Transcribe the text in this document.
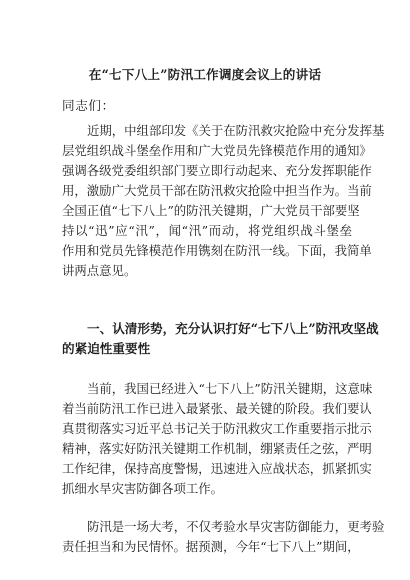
在“七下八上”防汛工作调度会议上的讲话

同志们：

近期，中组部印发《关于在防汛救灾抢险中充分发挥基
层党组织战斗堡垒作用和广大党员先锋模范作用的通知》
强调各级党委组织部门要立即行动起来、充分发挥职能作
用，激励广大党员干部在防汛救灾抢险中担当作为。当前
全国正值“七下八上”的防汛关键期，广大党员干部要坚
持以“迅”应“汛”，闻“汛”而动，将党组织战斗堡垒
作用和党员先锋模范作用镌刻在防汛一线。下面，我简单
讲两点意见。
一、认清形势，充分认识打好“七下八上”防汛攻坚战
的紧迫性重要性
当前，我国已经进入“七下八上”防汛关键期，这意味
着当前防汛工作已进入最紧张、最关键的阶段。我们要认
真贯彻落实习近平总书记关于防汛救灾工作重要指示批示
精神，落实好防汛关键期工作机制，绷紧责任之弦，严明
工作纪律，保持高度警惕，迅速进入应战状态，抓紧抓实
抓细水旱灾害防御各项工作。
防汛是一场大考，不仅考验水旱灾害防御能力，更考验
责任担当和为民情怀。据预测，今年“七下八上”期间，
